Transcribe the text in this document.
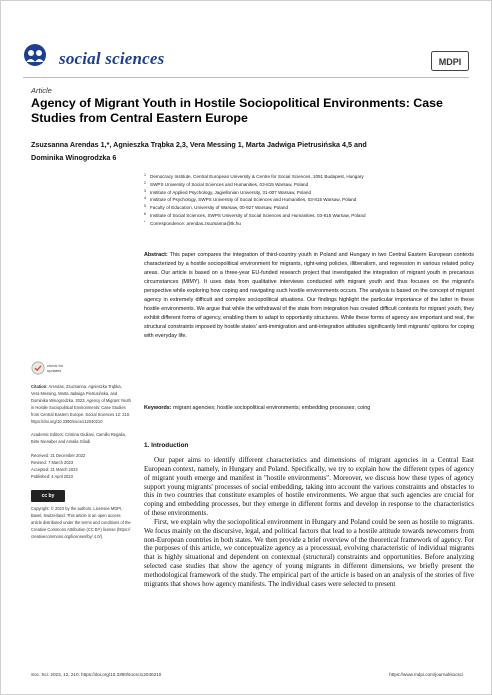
social sciences	MDPI
Article
Agency of Migrant Youth in Hostile Sociopolitical Environments: Case Studies from Central Eastern Europe
Zsuzsanna Arendas 1,*, Agnieszka Trąbka 2,3, Vera Messing 1, Marta Jadwiga Pietrusińska 4,5 and
Dominika Winogrodzka 6
1 Democracy Institute, Central European University & Centre for Social Sciences, 1051 Budapest, Hungary
2 SWPS University of Social Sciences and Humanities, 03-815 Warsaw, Poland
3 Institute of Applied Psychology, Jagiellonian University, 31-007 Warsaw, Poland
4 Institute of Psychology, SWPS University of Social Sciences and Humanities, 03-815 Warsaw, Poland
5 Faculty of Education, University of Warsaw, 00-927 Warsaw, Poland
6 Institute of Social Sciences, SWPS University of Social Sciences and Humanities, 03-815 Warsaw, Poland
* Correspondence: arendas.zsuzsanna@tk.hu
Abstract: This paper compares the integration of third-country youth in Poland and Hungary in two Central Eastern European contexts characterized by a hostile sociopolitical environment for migrants, right-wing policies, illiberalism, and regression in various related policy areas. Our article is based on a three-year EU-funded research project that investigated the integration of migrant youth in precarious circumstances (MIMY). It uses data from qualitative interviews conducted with migrant youth and thus focuses on the migrant's perspective while exploring how coping and navigating such hostile environments occurs. The analysis is based on the concept of migrant agency in extremely difficult and complex sociopolitical situations. Our findings highlight the particular importance of the latter in these hostile environments. We argue that while the withdrawal of the state from integration has created difficult contexts for migrant youth, they exhibit different forms of agency, enabling them to adapt to opportunity structures. While these forms of agency are important and real, the structural constraints imposed by hostile states' anti-immigration and anti-integration attitudes significantly limit migrants' options for coping with everyday life.
Keywords: migrant agencies; hostile sociopolitical environments; embedding processes; coing
check for updates
Citation: Arendas, Zsuzsanna, Agnieszka Trąbka, Vera Messing, Marta Jadwiga Pietrusińska, and Dominika Winogrodzka. 2023. Agency of Migrant Youth in Hostile Sociopolitical Environments: Case Studies from Central Eastern Europe. Social Sciences 12: 210. https://doi.org/10.3390/socsci12040210
Academic Editors: Cristina Giuliani, Camillo Regalia, Birte Nienaber and Amalia Gilodi
Received: 21 December 2022
Revised: 7 March 2023
Accepted: 21 March 2023
Published: 4 April 2023
cc by
Copyright: © 2023 by the authors. Licensee MDPI, Basel, Switzerland. This article is an open access article distributed under the terms and conditions of the Creative Commons Attribution (CC BY) license (https:// creativecommons.org/licenses/by/ 4.0/).
1. Introduction

Our paper aims to identify different characteristics and dimensions of migrant agencies in a Central East European context, namely, in Hungary and Poland. Specifically, we try to explain how the different types of agency of migrant youth emerge and manifest in "hostile environments". Moreover, we discuss how these types of agency support young migrants' processes of social embedding, taking into account the various constraints and obstacles to this in two countries that constitute examples of hostile environments. We argue that such agencies are crucial for coping and embedding processes, but they emerge in different forms and develop in response to the characteristics of these environments.

First, we explain why the sociopolitical environment in Hungary and Poland could be seen as hostile to migrants. We focus mainly on the discursive, legal, and political factors that lead to a hostile attitude towards newcomers from non-European countries in both states. We then provide a brief overview of the theoretical framework of agency. For the purposes of this article, we conceptualize agency as a processual, evolving characteristic of individual migrants that is highly situational and dependent on contextual (structural) constraints and opportunities. Before analyzing selected case studies that show the agency of young migrants in different dimensions, we briefly present the methodological framework of the study. The empirical part of the article is based on an analysis of the stories of five migrants that shows how agency manifests. The individual cases were selected to present

Soc. Sci. 2023, 12, 210. https://doi.org/10.3390/socsci12040210	https://www.mdpi.com/journal/socsci
